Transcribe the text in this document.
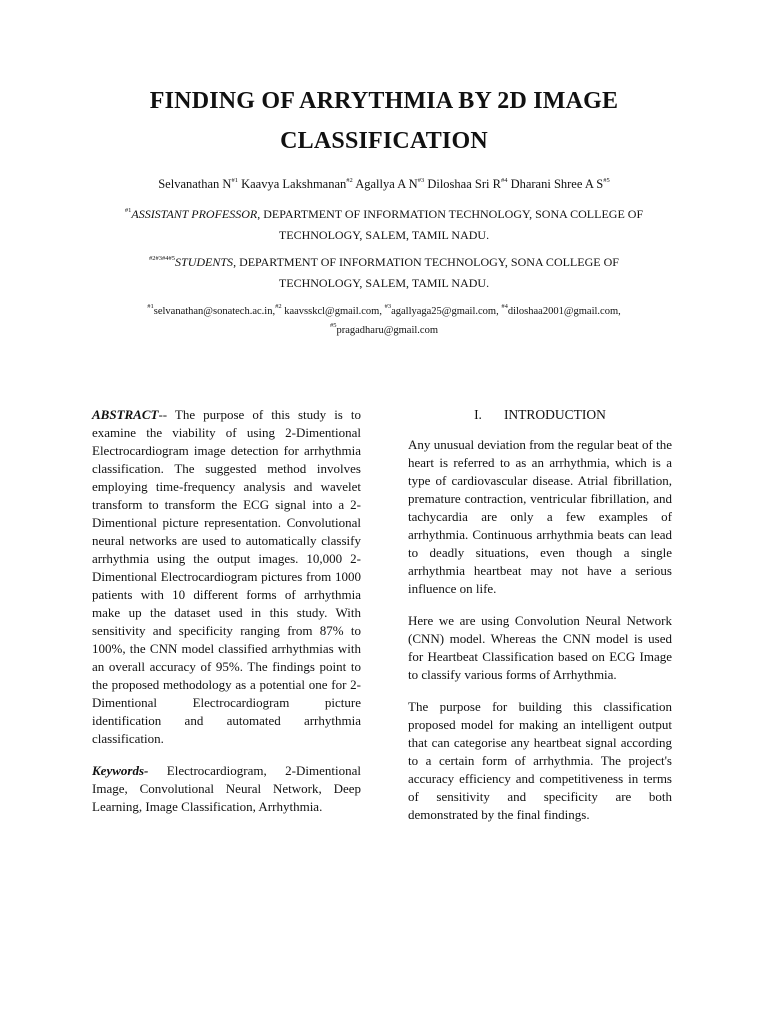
FINDING OF ARRYTHMIA BY 2D IMAGE
CLASSIFICATION
Selvanathan $N^{\#1}$ Kaavya Lakshmanan$^{\#2}$ Agallya A $N^{\#3}$ Diloshaa Sri $R^{\#4}$ Dharani Shree A $S^{\#5}$
$^{\#1}$ASSISTANT PROFESSOR, DEPARTMENT OF INFORMATION TECHNOLOGY, SONA COLLEGE OF
TECHNOLOGY, SALEM, TAMIL NADU.
$^{\#2\#3\#4\#5}$STUDENTS, DEPARTMENT OF INFORMATION TECHNOLOGY, SONA COLLEGE OF
TECHNOLOGY, SALEM, TAMIL NADU.
$^{\#1}$selvanathan@sonatech.ac.in,$^{\#2}$ kaavsskcl@gmail.com, $^{\#3}$agallyaga25@gmail.com, $^{\#4}$diloshaa2001@gmail.com,
$^{\#5}$pragadharu@gmail.com

ABSTRACT-- The purpose of this study is to examine the viability of using 2-Dimentional Electrocardiogram image detection for arrhythmia classification. The suggested method involves employing time-frequency analysis and wavelet transform to transform the ECG signal into a 2-Dimentional picture representation. Convolutional neural networks are used to automatically classify arrhythmia using the output images. 10,000 2-Dimentional Electrocardiogram pictures from 1000 patients with 10 different forms of arrhythmia make up the dataset used in this study. With sensitivity and specificity ranging from 87% to 100%, the CNN model classified arrhythmias with an overall accuracy of 95%. The findings point to the proposed methodology as a potential one for 2-Dimentional Electrocardiogram picture identification and automated arrhythmia classification.

Keywords- Electrocardiogram, 2-Dimentional Image, Convolutional Neural Network, Deep Learning, Image Classification, Arrhythmia.

I. INTRODUCTION

Any unusual deviation from the regular beat of the heart is referred to as an arrhythmia, which is a type of cardiovascular disease. Atrial fibrillation, premature contraction, ventricular fibrillation, and tachycardia are only a few examples of arrhythmia. Continuous arrhythmia beats can lead to deadly situations, even though a single arrhythmia heartbeat may not have a serious influence on life.

Here we are using Convolution Neural Network (CNN) model. Whereas the CNN model is used for Heartbeat Classification based on ECG Image to classify various forms of Arrhythmia.

The purpose for building this classification proposed model for making an intelligent output that can categorise any heartbeat signal according to a certain form of arrhythmia. The project's accuracy efficiency and competitiveness in terms of sensitivity and specificity are both demonstrated by the final findings.
